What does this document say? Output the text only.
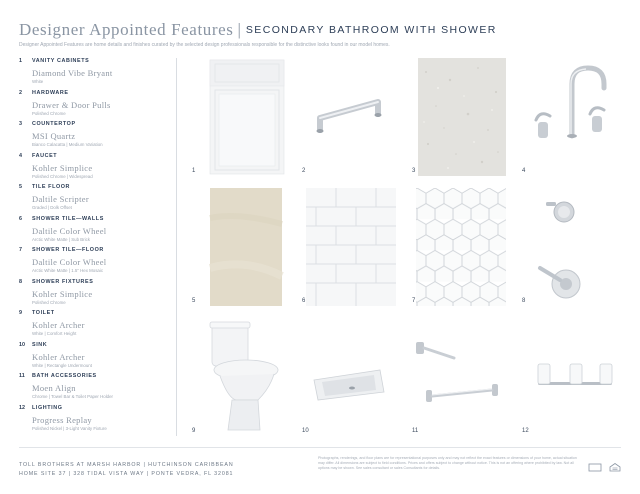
Designer Appointed Features | SECONDARY BATHROOM WITH SHOWER
Designer Appointed Features are home details and finishes curated by the selected design professionals responsible for the distinctive looks found in our model homes.
1 VANITY CABINETS
Diamond Vibe Bryant
White
2 HARDWARE
Drawer & Door Pulls
Polished Chrome
3 COUNTERTOP
MSI Quartz
Bianco Calacatta | Medium Variation
4 FAUCET
Kohler Simplice
Polished Chrome | Widespread
5 TILE FLOOR
Daltile Scripter
Graded | Dolk Offset
6 SHOWER TILE—WALLS
Daltile Color Wheel
Arctic White Matte | Sub Brick
7 SHOWER TILE—FLOOR
Daltile Color Wheel
Arctic White Matte | 1.5" Hex Mosaic
8 SHOWER FIXTURES
Kohler Simplice
Polished Chrome
9 TOILET
Kohler Archer
White | Comfort Height
10 SINK
Kohler Archer
White | Rectangle Undermount
11 BATH ACCESSORIES
Moen Align
Chrome | Towel Bar & Toilet Paper Holder
12 LIGHTING
Progress Replay
Polished Nickel | 3-Light Vanity Fixture
1	2	3	4
5	6	7	8
9	10	11	12
TOLL BROTHERS AT MARSH HARBOR | HUTCHINSON CARIBBEAN
HOME SITE 37 | 328 TIDAL VISTA WAY | PONTE VEDRA, FL 32081
Photographs, renderings, and floor plans are for representational purposes only and may not reflect the exact features or dimensions of your home, actual situation may differ. All dimensions are subject to field conditions. Prices and offers subject to change without notice. This is not an offering where prohibited by law. Not all options may be shown. See sales consultant or sales Consultants for details.
